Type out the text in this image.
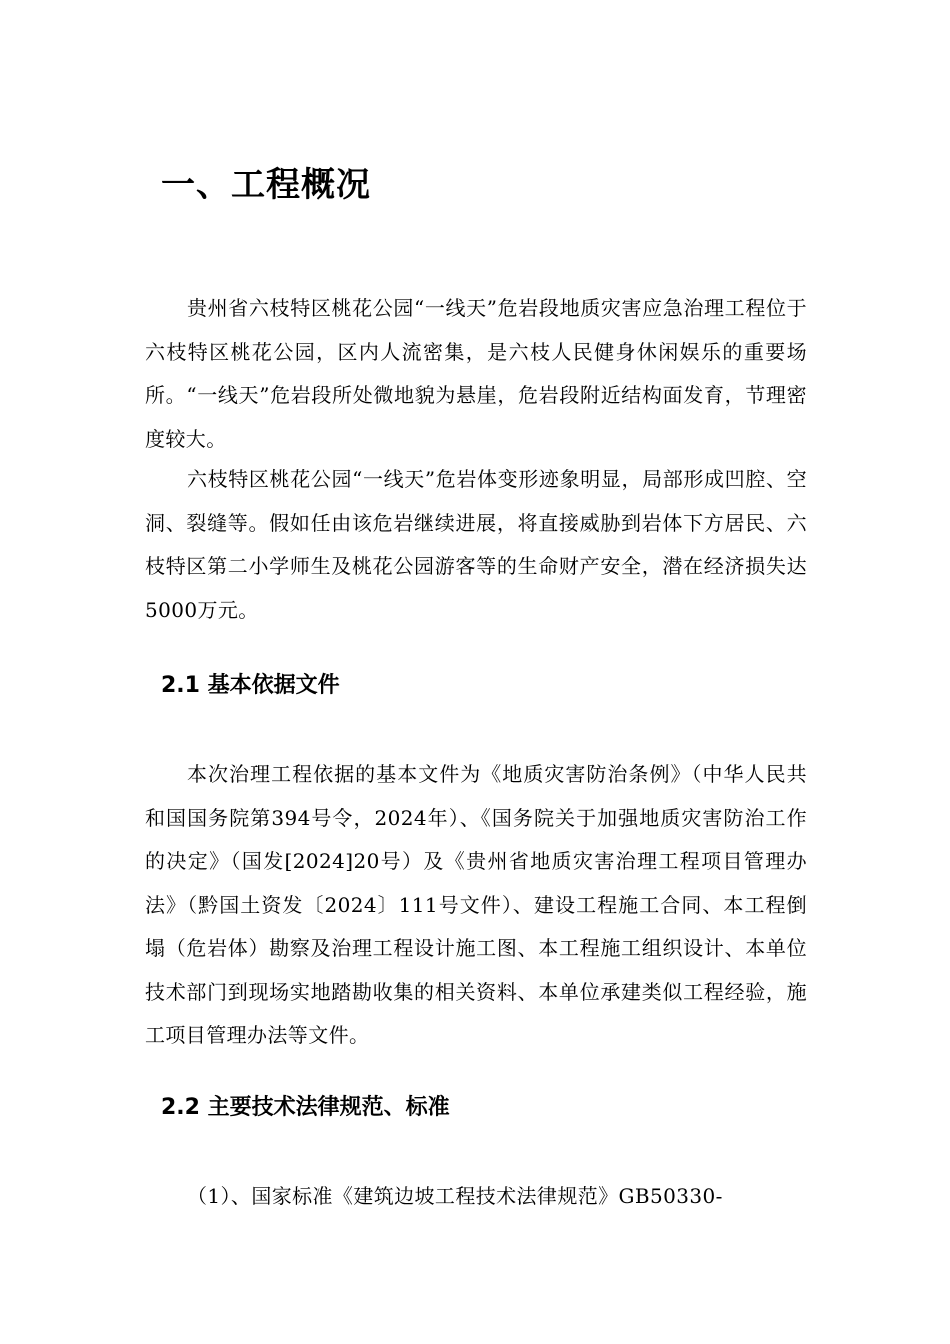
一、工程概况

贵州省六枝特区桃花公园“一线天”危岩段地质灾害应急治理工程位于六枝特区桃花公园，区内人流密集，是六枝人民健身休闲娱乐的重要场所。“一线天”危岩段所处微地貌为悬崖，危岩段附近结构面发育，节理密度较大。

六枝特区桃花公园“一线天”危岩体变形迹象明显，局部形成凹腔、空洞、裂缝等。假如任由该危岩继续进展，将直接威胁到岩体下方居民、六枝特区第二小学师生及桃花公园游客等的生命财产安全，潜在经济损失达5000万元。

2.1 基本依据文件

本次治理工程依据的基本文件为《地质灾害防治条例》（中华人民共和国国务院第394号令，2024年）、《国务院关于加强地质灾害防治工作的决定》（国发[2024]20号）及《贵州省地质灾害治理工程项目管理办法》（黔国土资发〔2024〕111号文件）、建设工程施工合同、本工程倒塌（危岩体）勘察及治理工程设计施工图、本工程施工组织设计、本单位技术部门到现场实地踏勘收集的相关资料、本单位承建类似工程经验，施工项目管理办法等文件。

2.2 主要技术法律规范、标准

（1）、国家标准《建筑边坡工程技术法律规范》GB50330-
